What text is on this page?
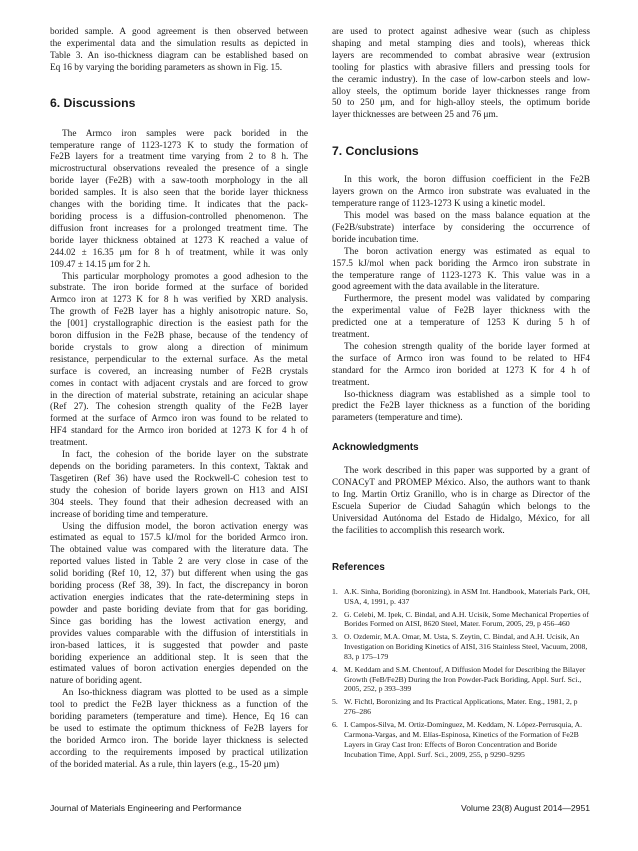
borided sample. A good agreement is then observed between

the experimental data and the simulation results as depicted in

Table 3. An iso-thickness diagram can be established based on

Eq 16 by varying the boriding parameters as shown in Fig. 15.

6. Discussions

The Armco iron samples were pack borided in the

temperature range of 1123-1273 K to study the formation of

Fe2B layers for a treatment time varying from 2 to 8 h. The

microstructural observations revealed the presence of a single

boride layer (Fe2B) with a saw-tooth morphology in the all

borided samples. It is also seen that the boride layer thickness

changes with the boriding time. It indicates that the pack-

boriding process is a diffusion-controlled phenomenon. The

diffusion front increases for a prolonged treatment time. The

boride layer thickness obtained at 1273 K reached a value of

244.02 ± 16.35 μm for 8 h of treatment, while it was only

109.47 ± 14.15 μm for 2 h.

This particular morphology promotes a good adhesion to the

substrate. The iron boride formed at the surface of borided

Armco iron at 1273 K for 8 h was verified by XRD analysis.

The growth of Fe2B layer has a highly anisotropic nature. So,

the [001] crystallographic direction is the easiest path for the

boron diffusion in the Fe2B phase, because of the tendency of

boride crystals to grow along a direction of minimum

resistance, perpendicular to the external surface. As the metal

surface is covered, an increasing number of Fe2B crystals

comes in contact with adjacent crystals and are forced to grow

in the direction of material substrate, retaining an acicular shape

(Ref 27). The cohesion strength quality of the Fe2B layer

formed at the surface of Armco iron was found to be related to

HF4 standard for the Armco iron borided at 1273 K for 4 h of

treatment.

In fact, the cohesion of the boride layer on the substrate

depends on the boriding parameters. In this context, Taktak and

Tasgetiren (Ref 36) have used the Rockwell-C cohesion test to

study the cohesion of boride layers grown on H13 and AISI

304 steels. They found that their adhesion decreased with an

increase of boriding time and temperature.

Using the diffusion model, the boron activation energy was

estimated as equal to 157.5 kJ/mol for the borided Armco iron.

The obtained value was compared with the literature data. The

reported values listed in Table 2 are very close in case of the

solid boriding (Ref 10, 12, 37) but different when using the gas

boriding process (Ref 38, 39). In fact, the discrepancy in boron

activation energies indicates that the rate-determining steps in

powder and paste boriding deviate from that for gas boriding.

Since gas boriding has the lowest activation energy, and

provides values comparable with the diffusion of interstitials in

iron-based lattices, it is suggested that powder and paste

boriding experience an additional step. It is seen that the

estimated values of boron activation energies depended on the

nature of boriding agent.

An Iso-thickness diagram was plotted to be used as a simple

tool to predict the Fe2B layer thickness as a function of the

boriding parameters (temperature and time). Hence, Eq 16 can

be used to estimate the optimum thickness of Fe2B layers for

the borided Armco iron. The boride layer thickness is selected

according to the requirements imposed by practical utilization

of the borided material. As a rule, thin layers (e.g., 15-20 μm)

are used to protect against adhesive wear (such as chipless

shaping and metal stamping dies and tools), whereas thick

layers are recommended to combat abrasive wear (extrusion

tooling for plastics with abrasive fillers and pressing tools for

the ceramic industry). In the case of low-carbon steels and low-

alloy steels, the optimum boride layer thicknesses range from

50 to 250 μm, and for high-alloy steels, the optimum boride

layer thicknesses are between 25 and 76 μm.

7. Conclusions

In this work, the boron diffusion coefficient in the Fe2B

layers grown on the Armco iron substrate was evaluated in the

temperature range of 1123-1273 K using a kinetic model.

This model was based on the mass balance equation at the

(Fe2B/substrate) interface by considering the occurrence of

boride incubation time.

The boron activation energy was estimated as equal to

157.5 kJ/mol when pack boriding the Armco iron substrate in

the temperature range of 1123-1273 K. This value was in a

good agreement with the data available in the literature.

Furthermore, the present model was validated by comparing

the experimental value of Fe2B layer thickness with the

predicted one at a temperature of 1253 K during 5 h of

treatment.

The cohesion strength quality of the boride layer formed at

the surface of Armco iron was found to be related to HF4

standard for the Armco iron borided at 1273 K for 4 h of

treatment.

Iso-thickness diagram was established as a simple tool to

predict the Fe2B layer thickness as a function of the boriding

parameters (temperature and time).

Acknowledgments

The work described in this paper was supported by a grant of

CONACyT and PROMEP México. Also, the authors want to thank

to Ing. Martin Ortiz Granillo, who is in charge as Director of the

Escuela Superior de Ciudad Sahagún which belongs to the

Universidad Autónoma del Estado de Hidalgo, México, for all

the facilities to accomplish this research work.

References
1. A.K. Sinha, Boriding (boronizing). in ASM Int. Handbook, Materials Park, OH, USA, 4, 1991, p. 437
2. G. Celebi, M. Ipek, C. Bindal, and A.H. Ucisik, Some Mechanical Properties of Borides Formed on AISI, 8620 Steel, Mater. Forum, 2005, 29, p 456–460
3. O. Ozdemir, M.A. Omar, M. Usta, S. Zeytin, C. Bindal, and A.H. Ucisik, An Investigation on Boriding Kinetics of AISI, 316 Stainless Steel, Vacuum, 2008, 83, p 175–179
4. M. Keddam and S.M. Chentouf, A Diffusion Model for Describing the Bilayer Growth (FeB/Fe2B) During the Iron Powder-Pack Boriding, Appl. Surf. Sci., 2005, 252, p 393–399
5. W. Fichtl, Boronizing and Its Practical Applications, Mater. Eng., 1981, 2, p 276–286
6. I. Campos-Silva, M. Ortiz-Domínguez, M. Keddam, N. López-Perrusquia, A. Carmona-Vargas, and M. Elías-Espinosa, Kinetics of the Formation of Fe2B Layers in Gray Cast Iron: Effects of Boron Concentration and Boride Incubation Time, Appl. Surf. Sci., 2009, 255, p 9290–9295
Journal of Materials Engineering and Performance	Volume 23(8) August 2014—2951
